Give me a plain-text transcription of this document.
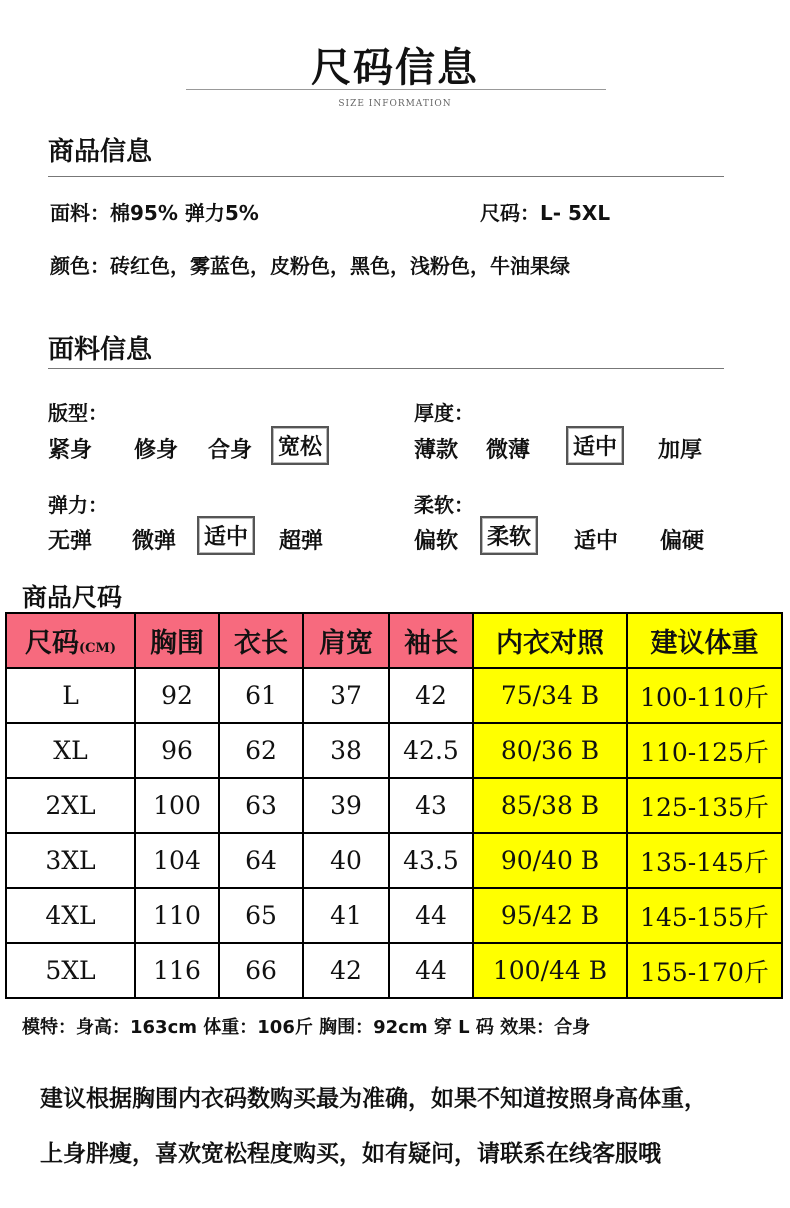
尺码信息
SIZE INFORMATION
商品信息
面料：棉95% 弹力5%	尺码：L- 5XL
颜色：砖红色，雾蓝色，皮粉色，黑色，浅粉色，牛油果绿
面料信息
版型：
紧身 修身 合身	宽松
厚度：
薄款 微薄	适中	加厚
弹力：
无弹 微弹	适中	超弹
柔软：
偏软	柔软	适中 偏硬
商品尺码
尺码(CM)	胸围	衣长	肩宽	袖长	内衣对照	建议体重
L	92	61	37	42	75/34 B	100-110斤
XL	96	62	38	42.5	80/36 B	110-125斤
2XL	100	63	39	43	85/38 B	125-135斤
3XL	104	64	40	43.5	90/40 B	135-145斤
4XL	110	65	41	44	95/42 B	145-155斤
5XL	116	66	42	44	100/44 B	155-170斤
模特：身高：163cm 体重：106斤 胸围：92cm 穿 L 码 效果：合身
建议根据胸围内衣码数购买最为准确，如果不知道按照身高体重，
上身胖瘦，喜欢宽松程度购买，如有疑问，请联系在线客服哦
